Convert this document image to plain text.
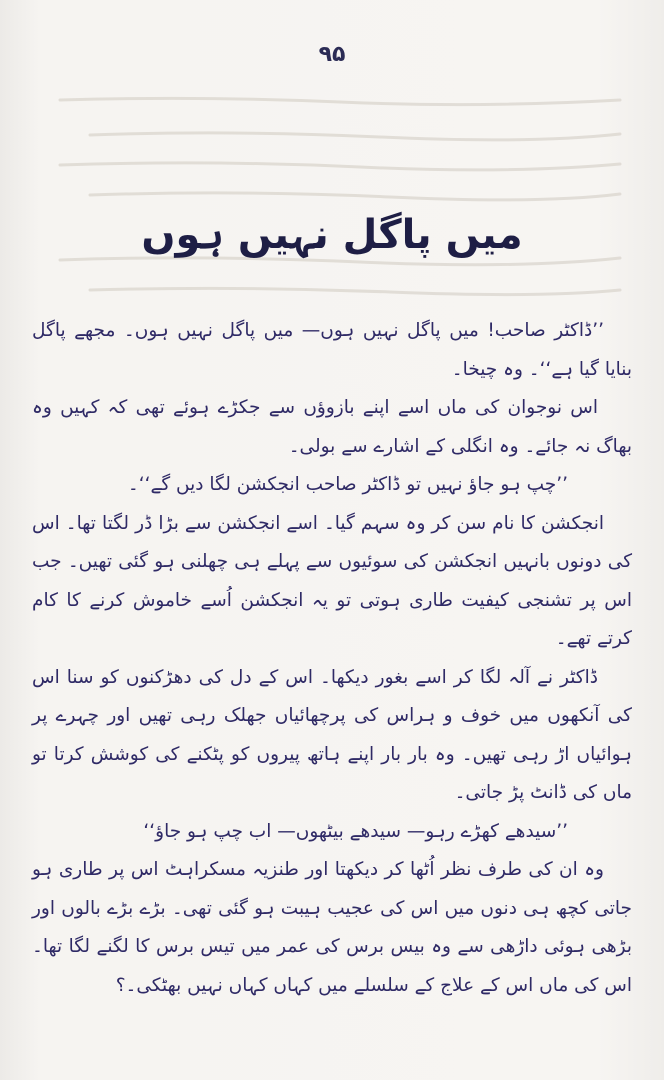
۹۵
میں پاگل نہیں ہوں

’’ڈاکٹر صاحب! میں پاگل نہیں ہوں— میں پاگل نہیں ہوں۔ مجھے پاگل بنایا گیا ہے‘‘۔ وہ چیخا۔

اس نوجوان کی ماں اسے اپنے بازوؤں سے جکڑے ہوئے تھی کہ کہیں وہ بھاگ نہ جائے۔ وہ انگلی کے اشارے سے بولی۔

’’چپ ہو جاؤ نہیں تو ڈاکٹر صاحب انجکشن لگا دیں گے‘‘۔

انجکشن کا نام سن کر وہ سہم گیا۔ اسے انجکشن سے بڑا ڈر لگتا تھا۔ اس کی دونوں بانہیں انجکشن کی سوئیوں سے پہلے ہی چھلنی ہو گئی تھیں۔ جب اس پر تشنجی کیفیت طاری ہوتی تو یہ انجکشن اُسے خاموش کرنے کا کام کرتے تھے۔

ڈاکٹر نے آلہ لگا کر اسے بغور دیکھا۔ اس کے دل کی دھڑکنوں کو سنا اس کی آنکھوں میں خوف و ہراس کی پرچھائیاں جھلک رہی تھیں اور چہرے پر ہوائیاں اڑ رہی تھیں۔ وہ بار بار اپنے ہاتھ پیروں کو پٹکنے کی کوشش کرتا تو ماں کی ڈانٹ پڑ جاتی۔

’’سیدھے کھڑے رہو— سیدھے بیٹھوں— اب چپ ہو جاؤ‘‘

وہ ان کی طرف نظر اُٹھا کر دیکھتا اور طنزیہ مسکراہٹ اس پر طاری ہو جاتی کچھ ہی دنوں میں اس کی عجیب ہیبت ہو گئی تھی۔ بڑے بڑے بالوں اور بڑھی ہوئی داڑھی سے وہ بیس برس کی عمر میں تیس برس کا لگنے لگا تھا۔ اس کی ماں اس کے علاج کے سلسلے میں کہاں کہاں نہیں بھٹکی۔؟
